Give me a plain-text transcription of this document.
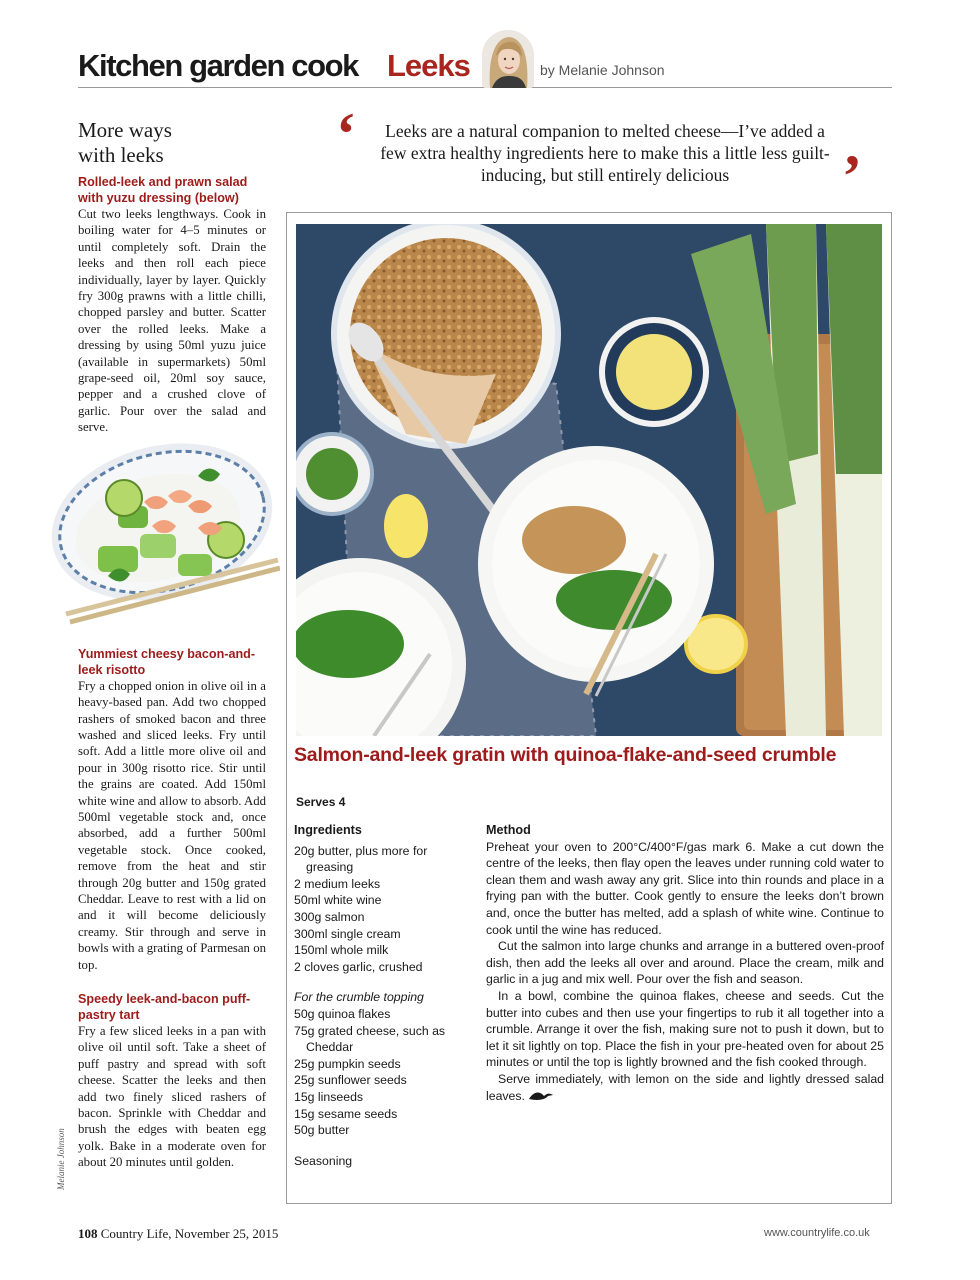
Kitchen garden cook Leeks	by Melanie Johnson
More ways
with leeks
Rolled-leek and prawn salad with yuzu dressing (below)
Cut two leeks lengthways. Cook in boiling water for 4–5 minutes or until completely soft. Drain the leeks and then roll each piece individually, layer by layer. Quickly fry 300g prawns with a little chilli, chopped parsley and butter. Scatter over the rolled leeks. Make a dressing by using 50ml yuzu juice (available in supermarkets) 50ml grape-seed oil, 20ml soy sauce, pepper and a crushed clove of garlic. Pour over the salad and serve.
Yummiest cheesy bacon-and-leek risotto
Fry a chopped onion in olive oil in a heavy-based pan. Add two chopped rashers of smoked bacon and three washed and sliced leeks. Fry until soft. Add a little more olive oil and pour in 300g risotto rice. Stir until the grains are coated. Add 150ml white wine and allow to absorb. Add 500ml vegetable stock and, once absorbed, add a further 500ml vegetable stock. Once cooked, remove from the heat and stir through 20g butter and 150g grated Cheddar. Leave to rest with a lid on and it will become deliciously creamy. Stir through and serve in bowls with a grating of Parmesan on top.
Speedy leek-and-bacon puff-pastry tart
Fry a few sliced leeks in a pan with olive oil until soft. Take a sheet of puff pastry and spread with soft cheese. Scatter the leeks and then add two finely sliced rashers of bacon. Sprinkle with Cheddar and brush the edges with beaten egg yolk. Bake in a moderate oven for about 20 minutes until golden.
‘	Leeks are a natural companion to melted cheese—I’ve added a few extra healthy ingredients here to make this a little less guilt-inducing, but still entirely delicious	’
Salmon-and-leek gratin with quinoa-flake-and-seed crumble
Serves 4
Ingredients
20g butter, plus more for greasing
2 medium leeks
50ml white wine
300g salmon
300ml single cream
150ml whole milk
2 cloves garlic, crushed
For the crumble topping
50g quinoa flakes
75g grated cheese, such as Cheddar
25g pumpkin seeds
25g sunflower seeds
15g linseeds
15g sesame seeds
50g butter
Seasoning
Method

Preheat your oven to 200°C/400°F/gas mark 6. Make a cut down the centre of the leeks, then flay open the leaves under running cold water to clean them and wash away any grit. Slice into thin rounds and place in a frying pan with the butter. Cook gently to ensure the leeks don’t brown and, once the butter has melted, add a splash of white wine. Continue to cook until the wine has reduced.

Cut the salmon into large chunks and arrange in a buttered oven-proof dish, then add the leeks all over and around. Place the cream, milk and garlic in a jug and mix well. Pour over the fish and season.

In a bowl, combine the quinoa flakes, cheese and seeds. Cut the butter into cubes and then use your fingertips to rub it all together into a crumble. Arrange it over the fish, making sure not to push it down, but to let it sit lightly on top. Place the fish in your pre-heated oven for about 25 minutes or until the top is lightly browned and the fish cooked through.

Serve immediately, with lemon on the side and lightly dressed salad leaves.

Melanie Johnson
108 Country Life, November 25, 2015	www.countrylife.co.uk
